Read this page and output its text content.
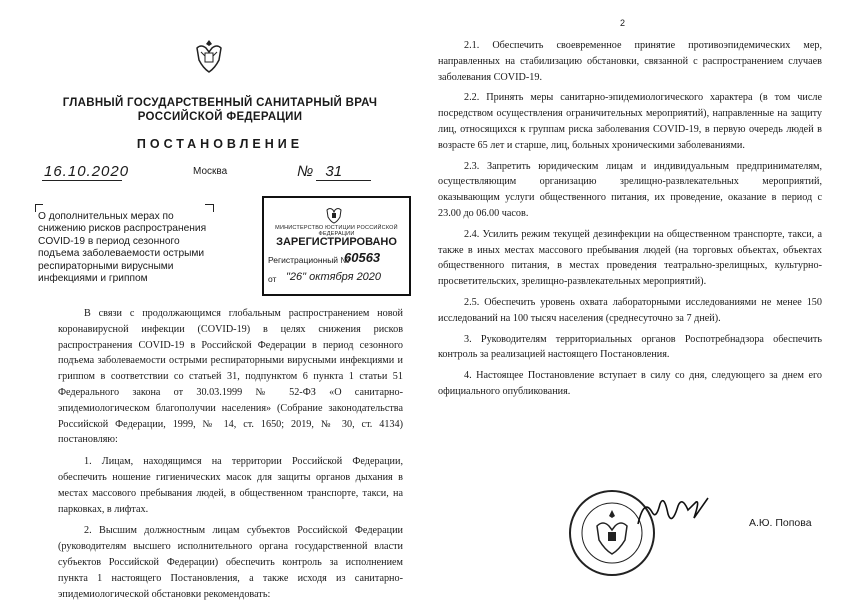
2
ГЛАВНЫЙ ГОСУДАРСТВЕННЫЙ САНИТАРНЫЙ ВРАЧ
РОССИЙСКОЙ ФЕДЕРАЦИИ
ПОСТАНОВЛЕНИЕ
16.10.2020	Москва	№ 31
О дополнительных мерах по снижению рисков распространения COVID-19 в период сезонного подъема заболеваемости острыми респираторными вирусными инфекциями и гриппом
МИНИСТЕРСТВО ЮСТИЦИИ РОССИЙСКОЙ ФЕДЕРАЦИИ
ЗАРЕГИСТРИРОВАНО
Регистрационный №
60563
от "26" октября 2020

В связи с продолжающимся глобальным распространением новой коронавирусной инфекции (COVID-19) в целях снижения рисков распространения COVID-19 в Российской Федерации в период сезонного подъема заболеваемости острыми респираторными вирусными инфекциями и гриппом в соответствии со статьей 31, подпунктом 6 пункта 1 статьи 51 Федерального закона от 30.03.1999 № 52-ФЗ «О санитарно-эпидемиологическом благополучии населения» (Собрание законодательства Российской Федерации, 1999, № 14, ст. 1650; 2019, № 30, ст. 4134) постановляю:

1. Лицам, находящимся на территории Российской Федерации, обеспечить ношение гигиенических масок для защиты органов дыхания в местах массового пребывания людей, в общественном транспорте, такси, на парковках, в лифтах.

2. Высшим должностным лицам субъектов Российской Федерации (руководителям высшего исполнительного органа государственной власти субъектов Российской Федерации) обеспечить контроль за исполнением пункта 1 настоящего Постановления, а также исходя из санитарно-эпидемиологической обстановки рекомендовать:

2.1. Обеспечить своевременное принятие противоэпидемических мер, направленных на стабилизацию обстановки, связанной с распространением случаев заболевания COVID-19.

2.2. Принять меры санитарно-эпидемиологического характера (в том числе посредством осуществления ограничительных мероприятий), направленные на защиту лиц, относящихся к группам риска заболевания COVID-19, в первую очередь людей в возрасте 65 лет и старше, лиц, больных хроническими заболеваниями.

2.3. Запретить юридическим лицам и индивидуальным предпринимателям, осуществляющим организацию зрелищно-развлекательных мероприятий, оказывающим услуги общественного питания, их проведение, оказание в период с 23.00 до 06.00 часов.

2.4. Усилить режим текущей дезинфекции на общественном транспорте, такси, а также в иных местах массового пребывания людей (на торговых объектах, объектах общественного питания, в местах проведения театрально-зрелищных, культурно-просветительских, зрелищно-развлекательных мероприятий).

2.5. Обеспечить уровень охвата лабораторными исследованиями не менее 150 исследований на 100 тысяч населения (среднесуточно за 7 дней).

3. Руководителям территориальных органов Роспотребнадзора обеспечить контроль за реализацией настоящего Постановления.

4. Настоящее Постановление вступает в силу со дня, следующего за днем его официального опубликования.

А.Ю. Попова
